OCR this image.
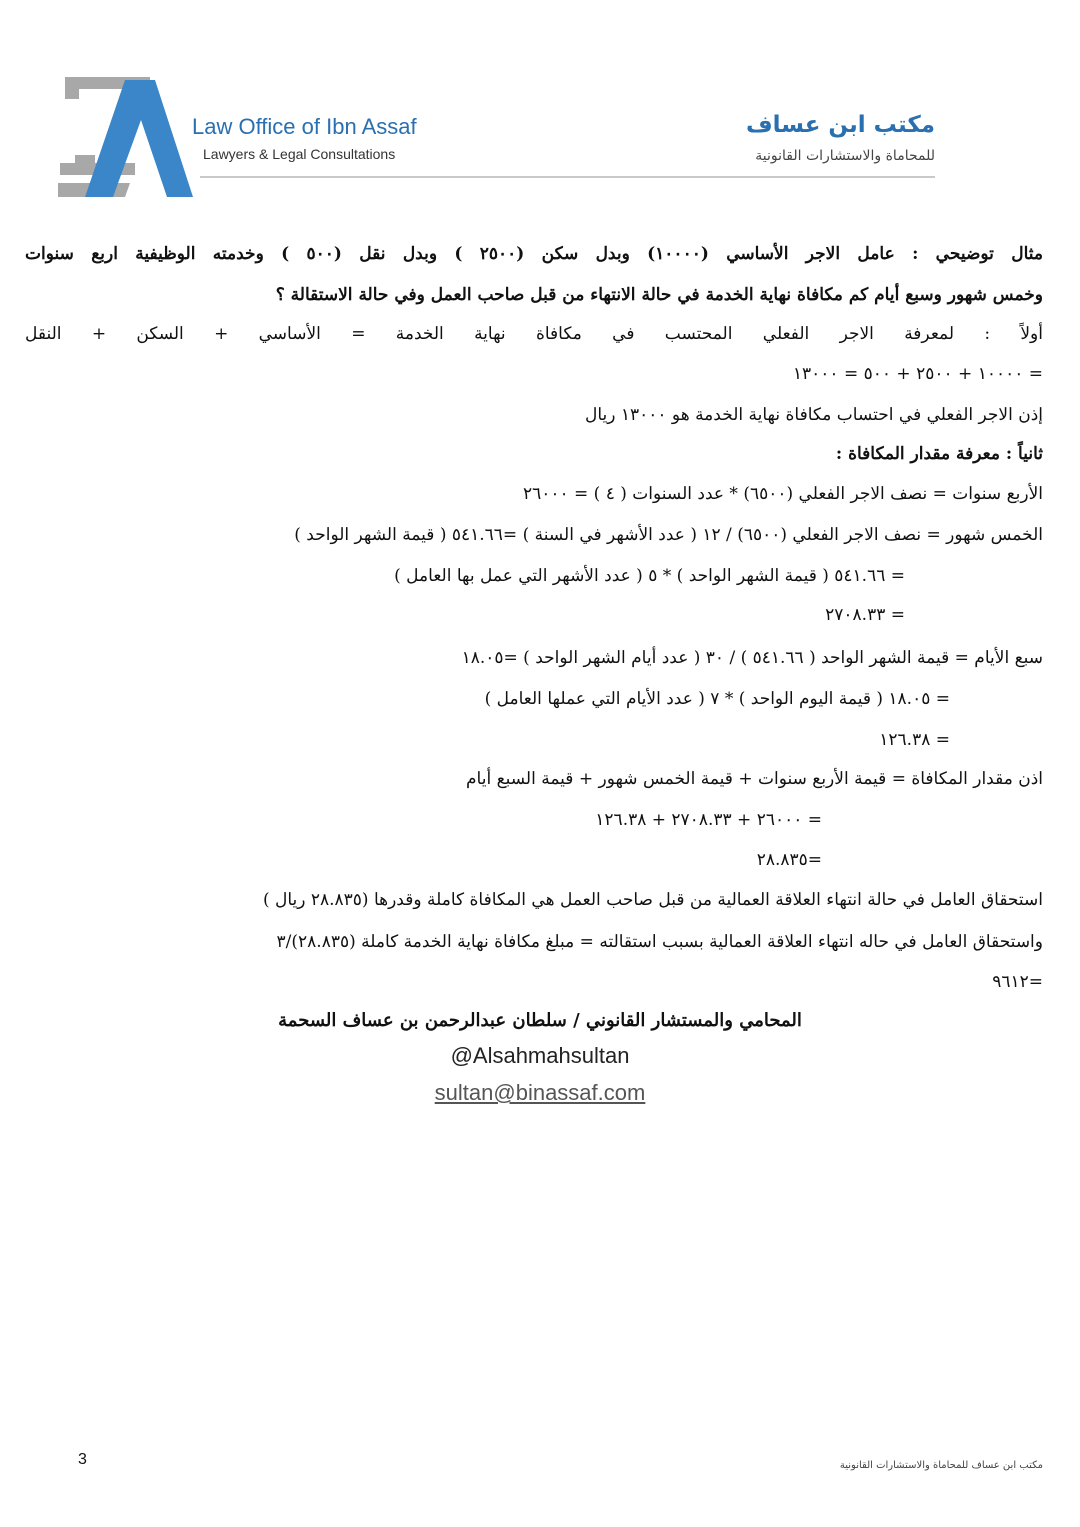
Law Office of Ibn Assaf
Lawyers & Legal Consultations
مكتب ابن عساف
للمحاماة والاستشارات القانونية
مثال توضيحي : عامل الاجر الأساسي (١٠٠٠٠) وبدل سكن (٢٥٠٠ ) وبدل نقل (٥٠٠ ) وخدمته الوظيفية اربع سنوات
وخمس شهور وسبع أيام كم مكافاة نهاية الخدمة في حالة الانتهاء من قبل صاحب العمل وفي حالة الاستقالة ؟
أولاً : لمعرفة الاجر الفعلي المحتسب في مكافاة نهاية الخدمة = الأساسي + السكن + النقل
= ١٠٠٠٠ + ٢٥٠٠ + ٥٠٠ = ١٣٠٠٠
إذن الاجر الفعلي في احتساب مكافاة نهاية الخدمة هو ١٣٠٠٠ ريال
ثانياً : معرفة مقدار المكافاة :
الأربع سنوات = نصف الاجر الفعلي (٦٥٠٠) * عدد السنوات ( ٤ ) = ٢٦٠٠٠
الخمس شهور = نصف الاجر الفعلي (٦٥٠٠) / ١٢ ( عدد الأشهر في السنة ) =٥٤١.٦٦ ( قيمة الشهر الواحد )
= ٥٤١.٦٦ ( قيمة الشهر الواحد ) * ٥ ( عدد الأشهر التي عمل بها العامل )
= ٢٧٠٨.٣٣
سبع الأيام = قيمة الشهر الواحد ( ٥٤١.٦٦ ) / ٣٠ ( عدد أيام الشهر الواحد ) =١٨.٠٥
= ١٨.٠٥ ( قيمة اليوم الواحد ) * ٧ ( عدد الأيام التي عملها العامل )
= ١٢٦.٣٨
اذن مقدار المكافاة = قيمة الأربع سنوات + قيمة الخمس شهور + قيمة السبع أيام
= ٢٦٠٠٠ + ٢٧٠٨.٣٣ + ١٢٦.٣٨
=٢٨.٨٣٥
استحقاق العامل في حالة انتهاء العلاقة العمالية من قبل صاحب العمل هي المكافاة كاملة وقدرها (٢٨.٨٣٥ ريال )
واستحقاق العامل في حاله انتهاء العلاقة العمالية بسبب استقالته = مبلغ مكافاة نهاية الخدمة كاملة (٢٨.٨٣٥)/٣
=٩٦١٢
المحامي والمستشار القانوني / سلطان عبدالرحمن بن عساف السحمة
@Alsahmahsultan
sultan@binassaf.com
3	مكتب ابن عساف للمحاماة والاستشارات القانونية
